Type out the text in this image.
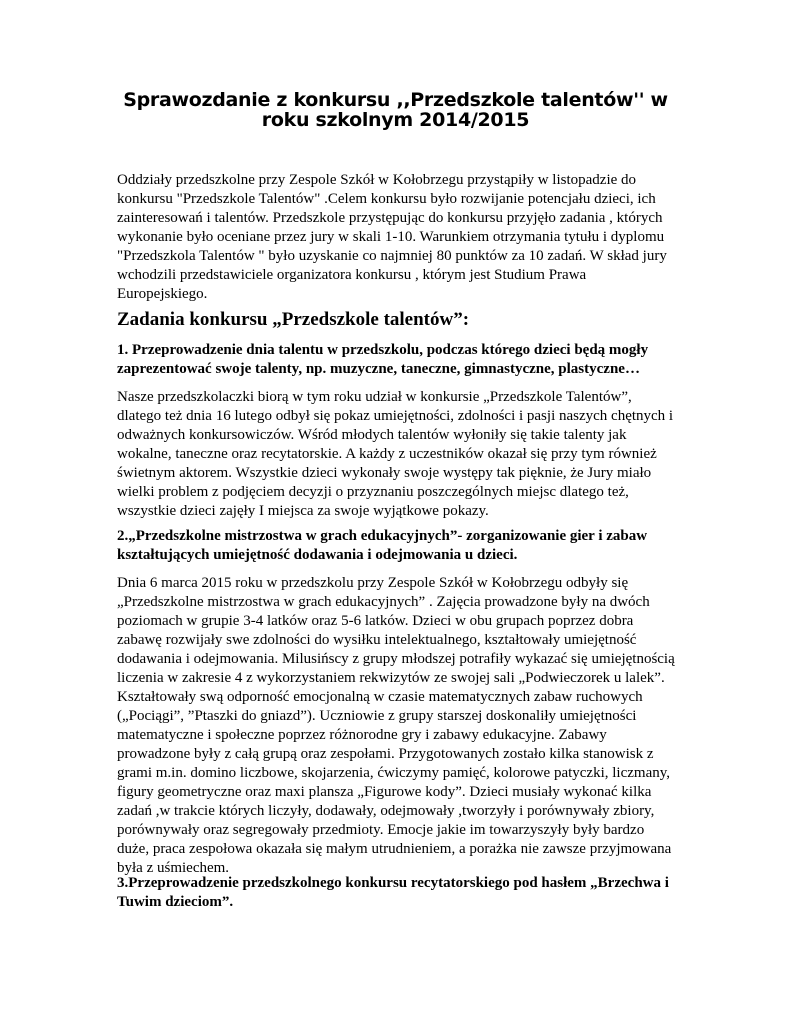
Sprawozdanie z konkursu ,,Przedszkole talentów'' w roku szkolnym 2014/2015

Oddziały przedszkolne przy Zespole Szkół w Kołobrzegu przystąpiły w listopadzie do konkursu "Przedszkole Talentów" .Celem konkursu było rozwijanie potencjału dzieci, ich zainteresowań i talentów. Przedszkole przystępując do konkursu przyjęło zadania , których wykonanie było oceniane przez jury w skali 1-10. Warunkiem otrzymania tytułu i dyplomu "Przedszkola Talentów " było uzyskanie co najmniej 80 punktów za 10 zadań. W skład jury wchodzili przedstawiciele organizatora konkursu , którym jest Studium Prawa Europejskiego.

Zadania konkursu „Przedszkole talentów”:

1. Przeprowadzenie dnia talentu w przedszkolu, podczas którego dzieci będą mogły zaprezentować swoje talenty, np. muzyczne, taneczne, gimnastyczne, plastyczne…

Nasze przedszkolaczki biorą w tym roku udział w konkursie „Przedszkole Talentów”, dlatego też dnia 16 lutego odbył się pokaz umiejętności, zdolności i pasji naszych chętnych i odważnych konkursowiczów. Wśród młodych talentów wyłoniły się takie talenty jak wokalne, taneczne oraz recytatorskie. A każdy z uczestników okazał się przy tym również świetnym aktorem. Wszystkie dzieci wykonały swoje występy tak pięknie, że Jury miało wielki problem z podjęciem decyzji o przyznaniu poszczególnych miejsc dlatego też, wszystkie dzieci zajęły I miejsca za swoje wyjątkowe pokazy.

2.„Przedszkolne mistrzostwa w grach edukacyjnych”- zorganizowanie gier i zabaw kształtujących umiejętność dodawania i odejmowania u dzieci.

Dnia 6 marca 2015 roku w przedszkolu przy Zespole Szkół w Kołobrzegu odbyły się „Przedszkolne mistrzostwa w grach edukacyjnych” . Zajęcia prowadzone były na dwóch poziomach w grupie 3-4 latków oraz 5-6 latków. Dzieci w obu grupach poprzez dobra zabawę rozwijały swe zdolności do wysiłku intelektualnego, kształtowały umiejętność dodawania i odejmowania. Milusińscy z grupy młodszej potrafiły wykazać się umiejętnością liczenia w zakresie 4 z wykorzystaniem rekwizytów ze swojej sali „Podwieczorek u lalek”. Kształtowały swą odporność emocjonalną w czasie matematycznych zabaw ruchowych („Pociągi”, ”Ptaszki do gniazd”). Uczniowie z grupy starszej doskonaliły umiejętności matematyczne i społeczne poprzez różnorodne gry i zabawy edukacyjne. Zabawy prowadzone były z całą grupą oraz zespołami. Przygotowanych zostało kilka stanowisk z grami m.in. domino liczbowe, skojarzenia, ćwiczymy pamięć, kolorowe patyczki, liczmany, figury geometryczne oraz maxi plansza „Figurowe kody”. Dzieci musiały wykonać kilka zadań ,w trakcie których liczyły, dodawały, odejmowały ,tworzyły i porównywały zbiory, porównywały oraz segregowały przedmioty. Emocje jakie im towarzyszyły były bardzo duże, praca zespołowa okazała się małym utrudnieniem, a porażka nie zawsze przyjmowana była z uśmiechem.

3.Przeprowadzenie przedszkolnego konkursu recytatorskiego pod hasłem „Brzechwa i Tuwim dzieciom”.
